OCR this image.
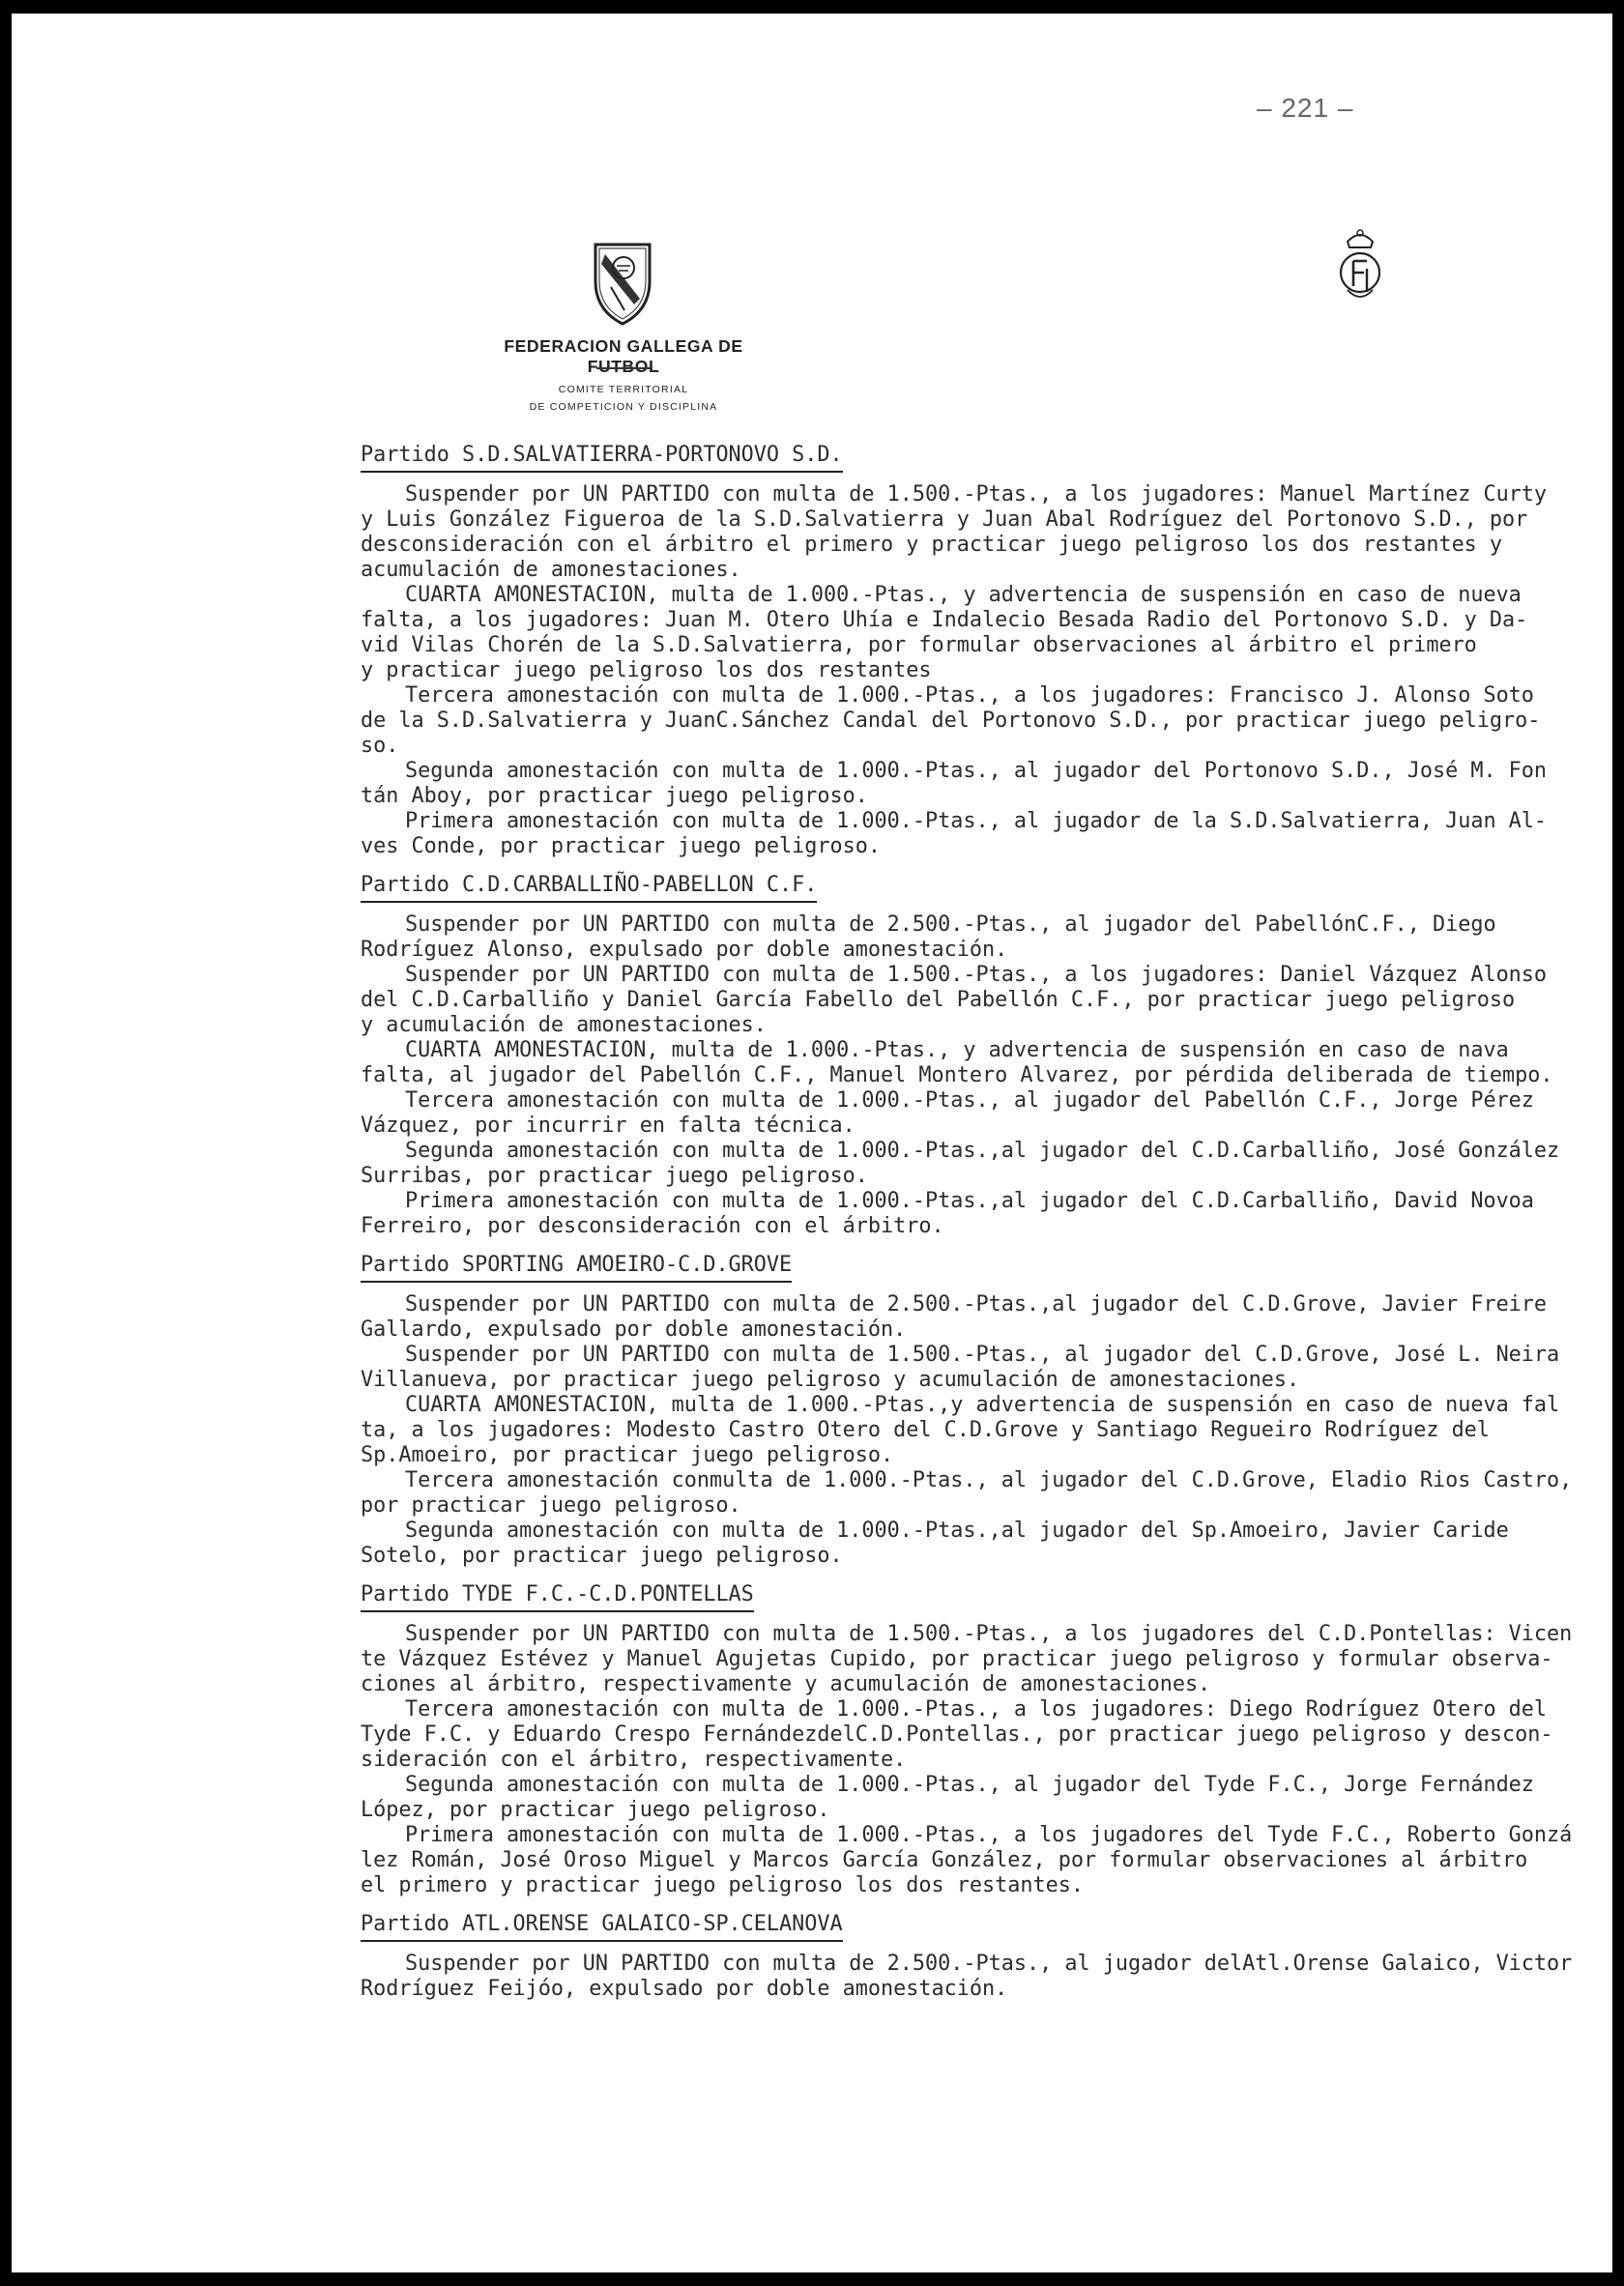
– 221 –
FEDERACION GALLEGA DE FUTBOL
COMITE TERRITORIAL
DE COMPETICION Y DISCIPLINA
Partido S.D.SALVATIERRA-PORTONOVO S.D.
Suspender por UN PARTIDO con multa de 1.500.-Ptas., a los jugadores: Manuel Martínez Curty
y Luis González Figueroa de la S.D.Salvatierra y Juan Abal Rodríguez del Portonovo S.D., por
desconsideración con el árbitro el primero y practicar juego peligroso los dos restantes y
acumulación de amonestaciones.
CUARTA AMONESTACION, multa de 1.000.-Ptas., y advertencia de suspensión en caso de nueva
falta, a los jugadores: Juan M. Otero Uhía e Indalecio Besada Radio del Portonovo S.D. y Da-
vid Vilas Chorén de la S.D.Salvatierra, por formular observaciones al árbitro el primero
y practicar juego peligroso los dos restantes
Tercera amonestación con multa de 1.000.-Ptas., a los jugadores: Francisco J. Alonso Soto
de la S.D.Salvatierra y JuanC.Sánchez Candal del Portonovo S.D., por practicar juego peligro-
so.
Segunda amonestación con multa de 1.000.-Ptas., al jugador del Portonovo S.D., José M. Fon
tán Aboy, por practicar juego peligroso.
Primera amonestación con multa de 1.000.-Ptas., al jugador de la S.D.Salvatierra, Juan Al-
ves Conde, por practicar juego peligroso.
Partido C.D.CARBALLIÑO-PABELLON C.F.
Suspender por UN PARTIDO con multa de 2.500.-Ptas., al jugador del PabellónC.F., Diego
Rodríguez Alonso, expulsado por doble amonestación.
Suspender por UN PARTIDO con multa de 1.500.-Ptas., a los jugadores: Daniel Vázquez Alonso
del C.D.Carballiño y Daniel García Fabello del Pabellón C.F., por practicar juego peligroso
y acumulación de amonestaciones.
CUARTA AMONESTACION, multa de 1.000.-Ptas., y advertencia de suspensión en caso de nava
falta, al jugador del Pabellón C.F., Manuel Montero Alvarez, por pérdida deliberada de tiempo.
Tercera amonestación con multa de 1.000.-Ptas., al jugador del Pabellón C.F., Jorge Pérez
Vázquez, por incurrir en falta técnica.
Segunda amonestación con multa de 1.000.-Ptas.,al jugador del C.D.Carballiño, José González
Surribas, por practicar juego peligroso.
Primera amonestación con multa de 1.000.-Ptas.,al jugador del C.D.Carballiño, David Novoa
Ferreiro, por desconsideración con el árbitro.
Partido SPORTING AMOEIRO-C.D.GROVE
Suspender por UN PARTIDO con multa de 2.500.-Ptas.,al jugador del C.D.Grove, Javier Freire
Gallardo, expulsado por doble amonestación.
Suspender por UN PARTIDO con multa de 1.500.-Ptas., al jugador del C.D.Grove, José L. Neira
Villanueva, por practicar juego peligroso y acumulación de amonestaciones.
CUARTA AMONESTACION, multa de 1.000.-Ptas.,y advertencia de suspensión en caso de nueva fal
ta, a los jugadores: Modesto Castro Otero del C.D.Grove y Santiago Regueiro Rodríguez del
Sp.Amoeiro, por practicar juego peligroso.
Tercera amonestación conmulta de 1.000.-Ptas., al jugador del C.D.Grove, Eladio Rios Castro,
por practicar juego peligroso.
Segunda amonestación con multa de 1.000.-Ptas.,al jugador del Sp.Amoeiro, Javier Caride
Sotelo, por practicar juego peligroso.
Partido TYDE F.C.-C.D.PONTELLAS
Suspender por UN PARTIDO con multa de 1.500.-Ptas., a los jugadores del C.D.Pontellas: Vicen
te Vázquez Estévez y Manuel Agujetas Cupido, por practicar juego peligroso y formular observa-
ciones al árbitro, respectivamente y acumulación de amonestaciones.
Tercera amonestación con multa de 1.000.-Ptas., a los jugadores: Diego Rodríguez Otero del
Tyde F.C. y Eduardo Crespo FernándezdelC.D.Pontellas., por practicar juego peligroso y descon-
sideración con el árbitro, respectivamente.
Segunda amonestación con multa de 1.000.-Ptas., al jugador del Tyde F.C., Jorge Fernández
López, por practicar juego peligroso.
Primera amonestación con multa de 1.000.-Ptas., a los jugadores del Tyde F.C., Roberto Gonzá
lez Román, José Oroso Miguel y Marcos García González, por formular observaciones al árbitro
el primero y practicar juego peligroso los dos restantes.
Partido ATL.ORENSE GALAICO-SP.CELANOVA
Suspender por UN PARTIDO con multa de 2.500.-Ptas., al jugador delAtl.Orense Galaico, Victor
Rodríguez Feijóo, expulsado por doble amonestación.
